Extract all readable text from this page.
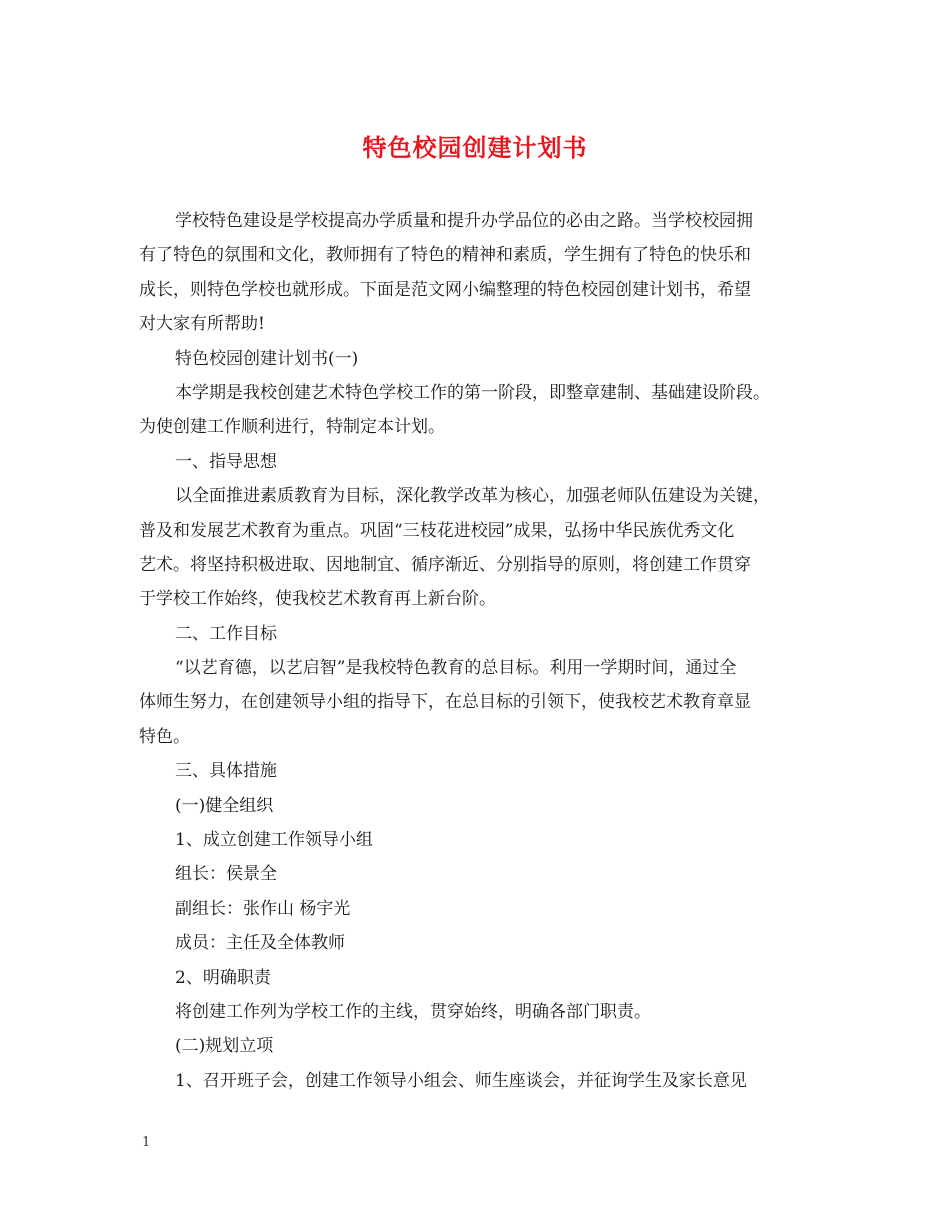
特色校园创建计划书
学校特色建设是学校提高办学质量和提升办学品位的必由之路。当学校校园拥
有了特色的氛围和文化，教师拥有了特色的精神和素质，学生拥有了特色的快乐和
成长，则特色学校也就形成。下面是范文网小编整理的特色校园创建计划书，希望
对大家有所帮助!
特色校园创建计划书(一)
本学期是我校创建艺术特色学校工作的第一阶段，即整章建制、基础建设阶段。
为使创建工作顺利进行，特制定本计划。
一、指导思想
以全面推进素质教育为目标，深化教学改革为核心，加强老师队伍建设为关键，
普及和发展艺术教育为重点。巩固“三枝花进校园”成果，弘扬中华民族优秀文化
艺术。将坚持积极进取、因地制宜、循序渐近、分别指导的原则，将创建工作贯穿
于学校工作始终，使我校艺术教育再上新台阶。
二、工作目标
“以艺育德，以艺启智”是我校特色教育的总目标。利用一学期时间，通过全
体师生努力，在创建领导小组的指导下，在总目标的引领下，使我校艺术教育章显
特色。
三、具体措施
(一)健全组织
1、成立创建工作领导小组
组长：侯景全
副组长：张作山 杨宇光
成员：主任及全体教师
2、明确职责
将创建工作列为学校工作的主线，贯穿始终，明确各部门职责。
(二)规划立项
1、召开班子会，创建工作领导小组会、师生座谈会，并征询学生及家长意见
1
